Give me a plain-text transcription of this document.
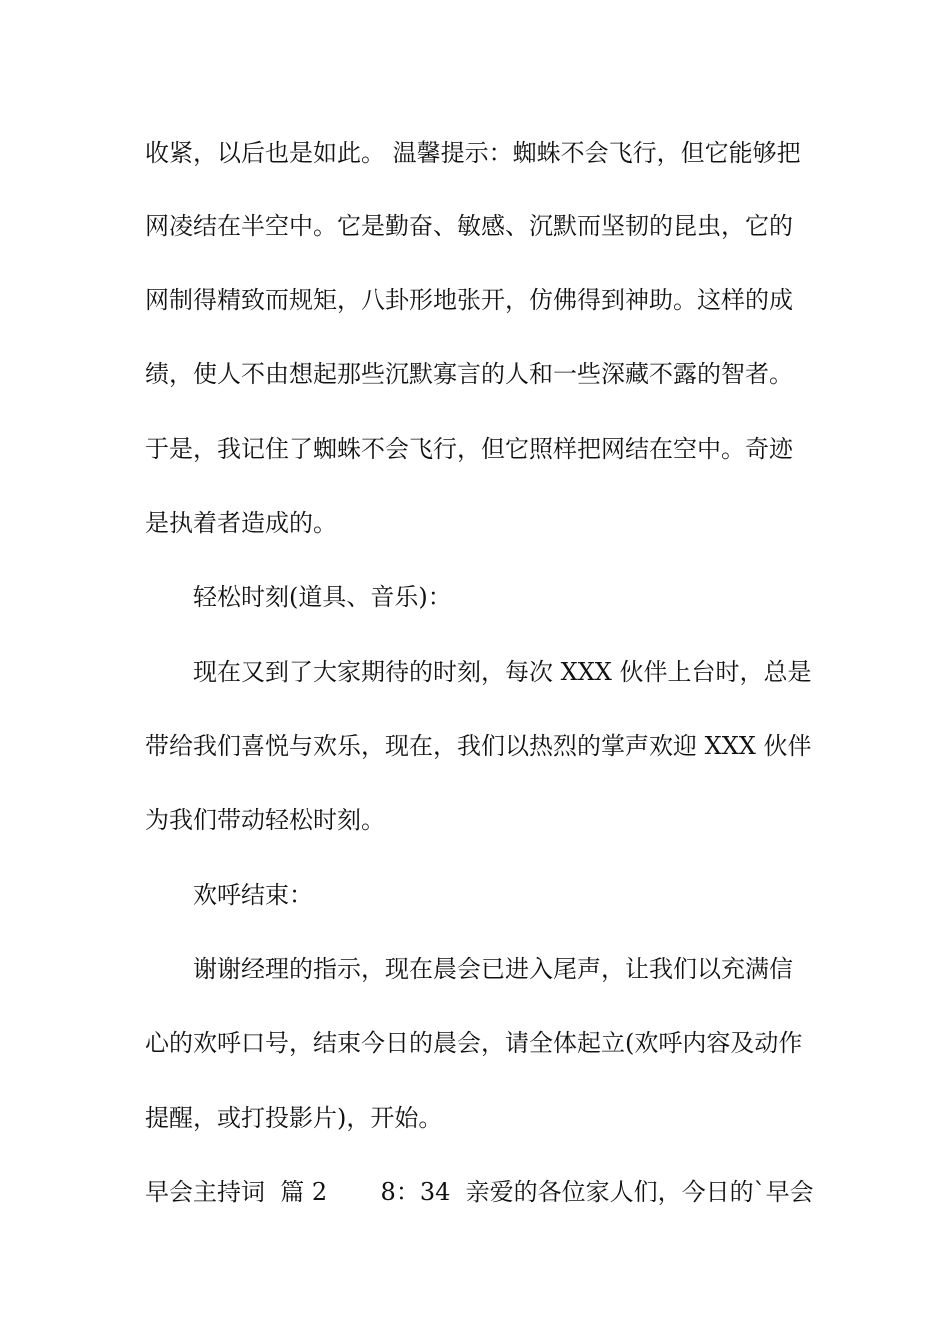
收紧，以后也是如此。 温馨提示：蜘蛛不会飞行，但它能够把
网凌结在半空中。它是勤奋、敏感、沉默而坚韧的昆虫，它的
网制得精致而规矩，八卦形地张开，仿佛得到神助。这样的成
绩，使人不由想起那些沉默寡言的人和一些深藏不露的智者。
于是，我记住了蜘蛛不会飞行，但它照样把网结在空中。奇迹
是执着者造成的。
轻松时刻(道具、音乐)：
现在又到了大家期待的时刻，每次 XXX 伙伴上台时，总是
带给我们喜悦与欢乐，现在，我们以热烈的掌声欢迎 XXX 伙伴
为我们带动轻松时刻。
欢呼结束：
谢谢经理的指示，现在晨会已进入尾声，让我们以充满信
心的欢呼口号，结束今日的晨会，请全体起立(欢呼内容及动作
提醒，或打投影片)，开始。
早会主持词  篇 2       8：34  亲爱的各位家人们，今日的`早会
